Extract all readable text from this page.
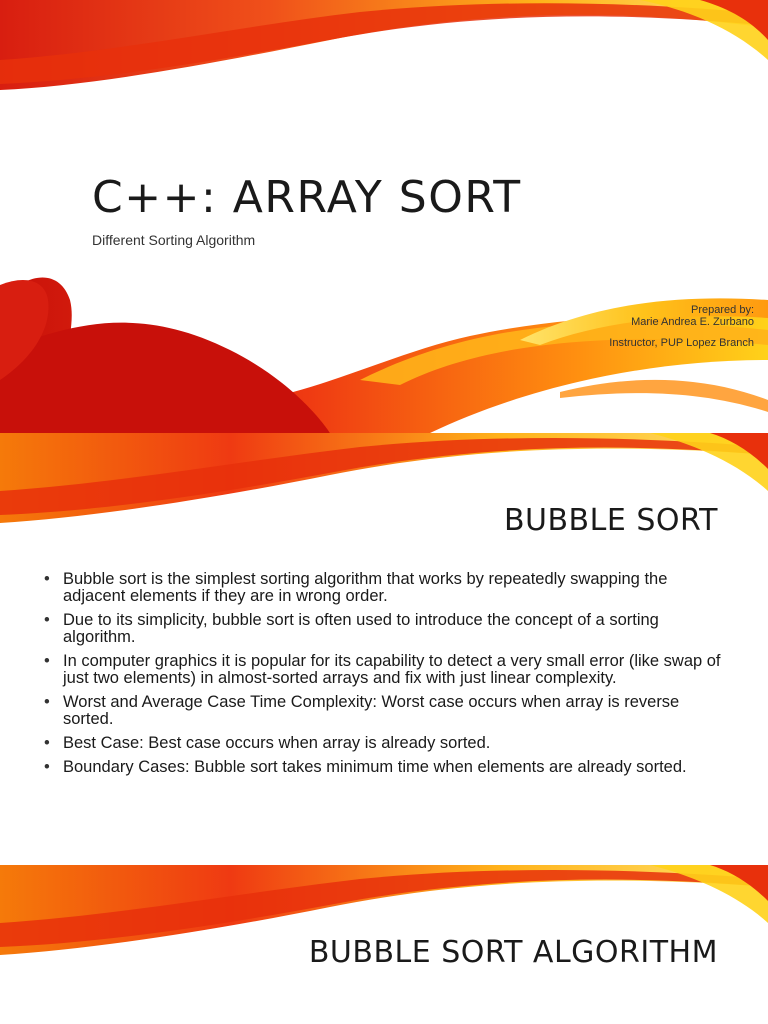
C++: ARRAY SORT
Different Sorting Algorithm
Prepared by:
Marie Andrea E. Zurbano
Instructor, PUP Lopez Branch
BUBBLE SORT
• Bubble sort is the simplest sorting algorithm that works by repeatedly swapping the adjacent elements if they are in wrong order.
• Due to its simplicity, bubble sort is often used to introduce the concept of a sorting algorithm.
• In computer graphics it is popular for its capability to detect a very small error (like swap of just two elements) in almost-sorted arrays and fix with just linear complexity.
• Worst and Average Case Time Complexity: Worst case occurs when array is reverse sorted.
• Best Case: Best case occurs when array is already sorted.
• Boundary Cases: Bubble sort takes minimum time when elements are already sorted.
BUBBLE SORT ALGORITHM
